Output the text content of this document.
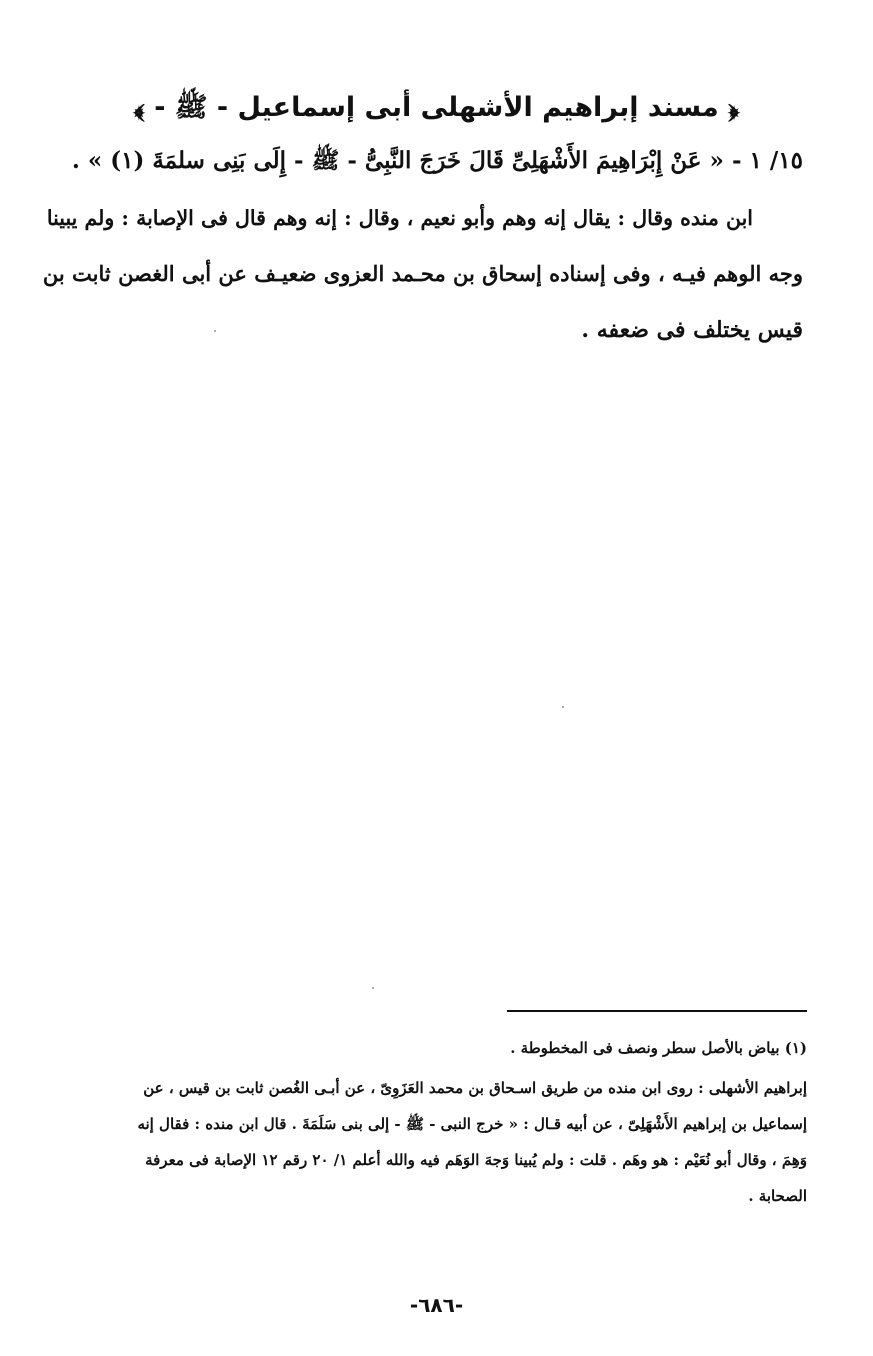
﴿ مسند إبراهيم الأشهلى أبى إسماعيل - ﷺ - ﴾
١٥/ ١ - « عَنْ إِبْرَاهِيمَ الأَشْهَلِىِّ قَالَ خَرَجَ النَّبِىُّ - ﷺ - إِلَى بَنِى سلمَةَ (١) » .
ابن منده وقال : يقال إنه وهم وأبو نعيم ، وقال : إنه وهم قال فى الإصابة : ولم يبينا
وجه الوهم فيـه ، وفى إسناده إسحاق بن محـمد العزوى ضعيـف عن أبى الغصن ثابت بن
قيس يختلف فى ضعفه .
(١) بياض بالأصل سطر ونصف فى المخطوطة .
إبراهيم الأشهلى : روى ابن منده من طريق اسـحاق بن محمد العَزَوِىّ ، عن أبـى الغُصن ثابت بن قيس ، عن
إسماعيل بن إبراهيم الأَشْهَلِىّ ، عن أبيه قـال : « خرج النبى - ﷺ - إلى بنى سَلَمَةَ . قال ابن منده : فقال إنه
وَهِمَ ، وقال أبو نُعَيْم : هو وهَم . قلت : ولم يُبينا وَجهَ الوَهَم فيه والله أعلم ١/ ٢٠ رقم ١٢ الإصابة فى معرفة
الصحابة .
-٦٨٦-
